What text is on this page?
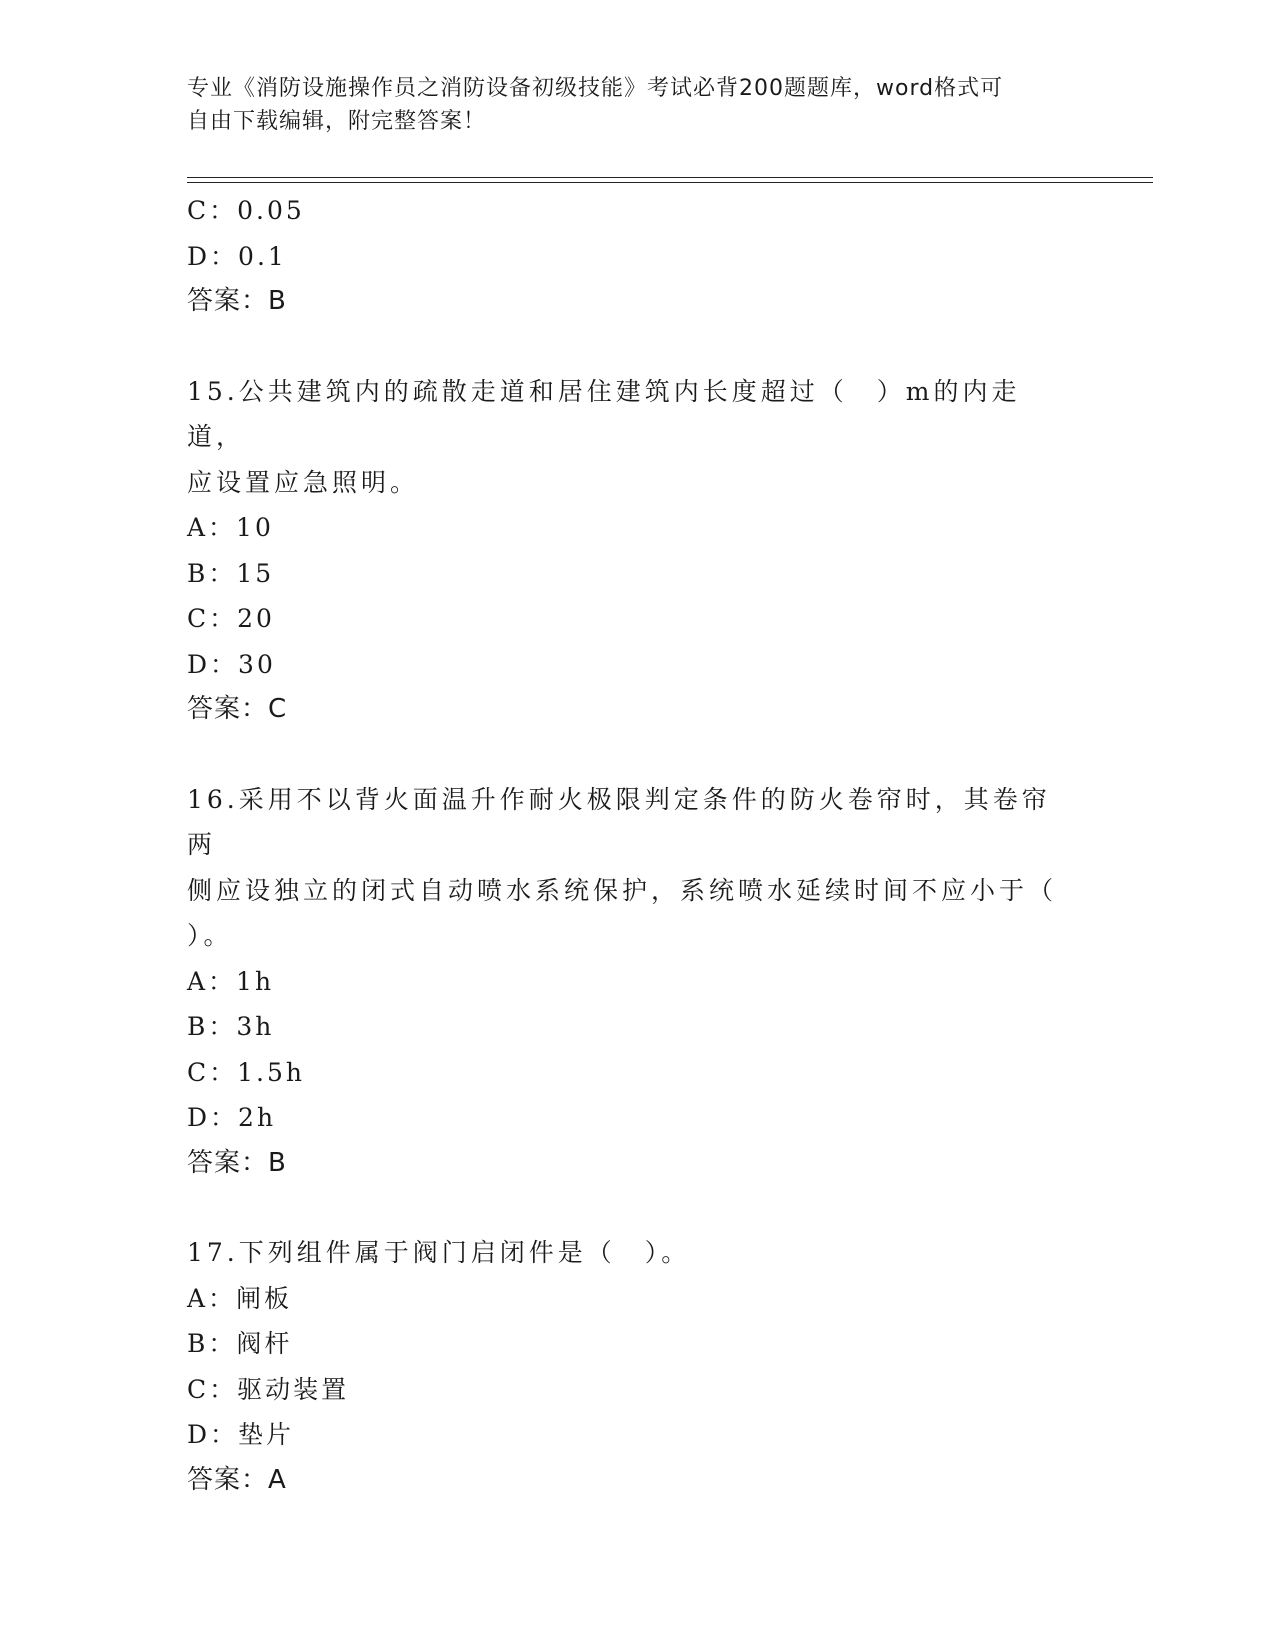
专业《消防设施操作员之消防设备初级技能》考试必背200题题库，word格式可
自由下载编辑，附完整答案！
C：0.05
D：0.1
答案：B
15.公共建筑内的疏散走道和居住建筑内长度超过（　）m的内走道，
应设置应急照明。
A：10
B：15
C：20
D：30
答案：C
16.采用不以背火面温升作耐火极限判定条件的防火卷帘时，其卷帘两
侧应设独立的闭式自动喷水系统保护，系统喷水延续时间不应小于（
）。
A：1h
B：3h
C：1.5h
D：2h
答案：B
17.下列组件属于阀门启闭件是（　）。
A：闸板
B：阀杆
C：驱动装置
D：垫片
答案：A
